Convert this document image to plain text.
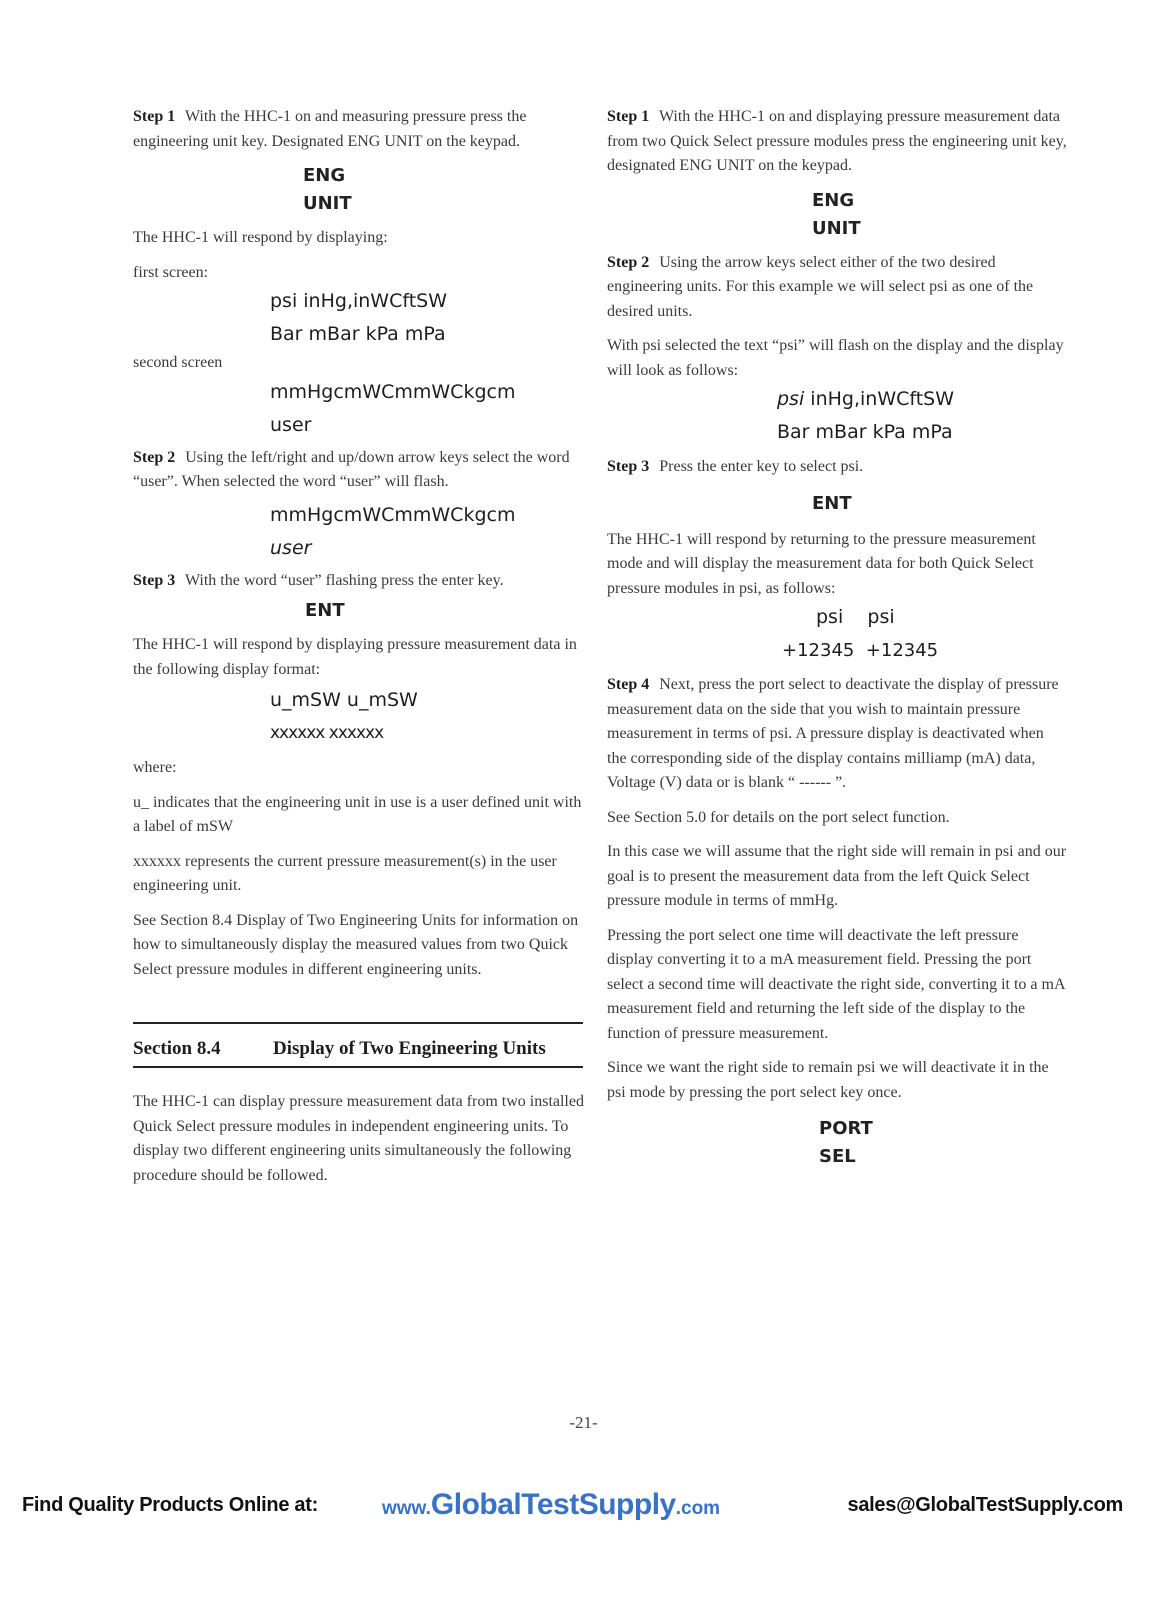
Step 1 With the HHC-1 on and measuring pressure press the engineering unit key. Designated ENG UNIT on the keypad.

ENG
UNIT

The HHC-1 will respond by displaying:

first screen:

psi inHg,inWCftSW
Bar mBar kPa mPa

second screen

mmHgcmWCmmWCkgcm
user

Step 2 Using the left/right and up/down arrow keys select the word “user”. When selected the word “user” will flash.

mmHgcmWCmmWCkgcm
user

Step 3 With the word “user” flashing press the enter key.

ENT

The HHC-1 will respond by displaying pressure measurement data in the following display format:

u_mSW u_mSW
xxxxxx xxxxxx

where:

u_ indicates that the engineering unit in use is a user defined unit with a label of mSW

xxxxxx represents the current pressure measurement(s) in the user engineering unit.

See Section 8.4 Display of Two Engineering Units for information on how to simultaneously display the measured values from two Quick Select pressure modules in different engineering units.

Section 8.4	Display of Two Engineering Units

The HHC-1 can display pressure measurement data from two installed Quick Select pressure modules in independent engineering units. To display two different engineering units simultaneously the following procedure should be followed.

Step 1 With the HHC-1 on and displaying pressure measurement data from two Quick Select pressure modules press the engineering unit key, designated ENG UNIT on the keypad.

ENG
UNIT

Step 2 Using the arrow keys select either of the two desired engineering units. For this example we will select psi as one of the desired units.

With psi selected the text “psi” will flash on the display and the display will look as follows:

psi inHg,inWCftSW
Bar mBar kPa mPa

Step 3 Press the enter key to select psi.

ENT

The HHC-1 will respond by returning to the pressure measurement mode and will display the measurement data for both Quick Select pressure modules in psi, as follows:

psi    psi
+12345  +12345

Step 4 Next, press the port select to deactivate the display of pressure measurement data on the side that you wish to maintain pressure measurement in terms of psi. A pressure display is deactivated when the corresponding side of the display contains milliamp (mA) data, Voltage (V) data or is blank “ ------ ”.

See Section 5.0 for details on the port select function.

In this case we will assume that the right side will remain in psi and our goal is to present the measurement data from the left Quick Select pressure module in terms of mmHg.

Pressing the port select one time will deactivate the left pressure display converting it to a mA measurement field. Pressing the port select a second time will deactivate the right side, converting it to a mA measurement field and returning the left side of the display to the function of pressure measurement.

Since we want the right side to remain psi we will deactivate it in the psi mode by pressing the port select key once.

PORT
SEL
-21-
Find Quality Products Online at:	www.GlobalTestSupply.com	sales@GlobalTestSupply.com
